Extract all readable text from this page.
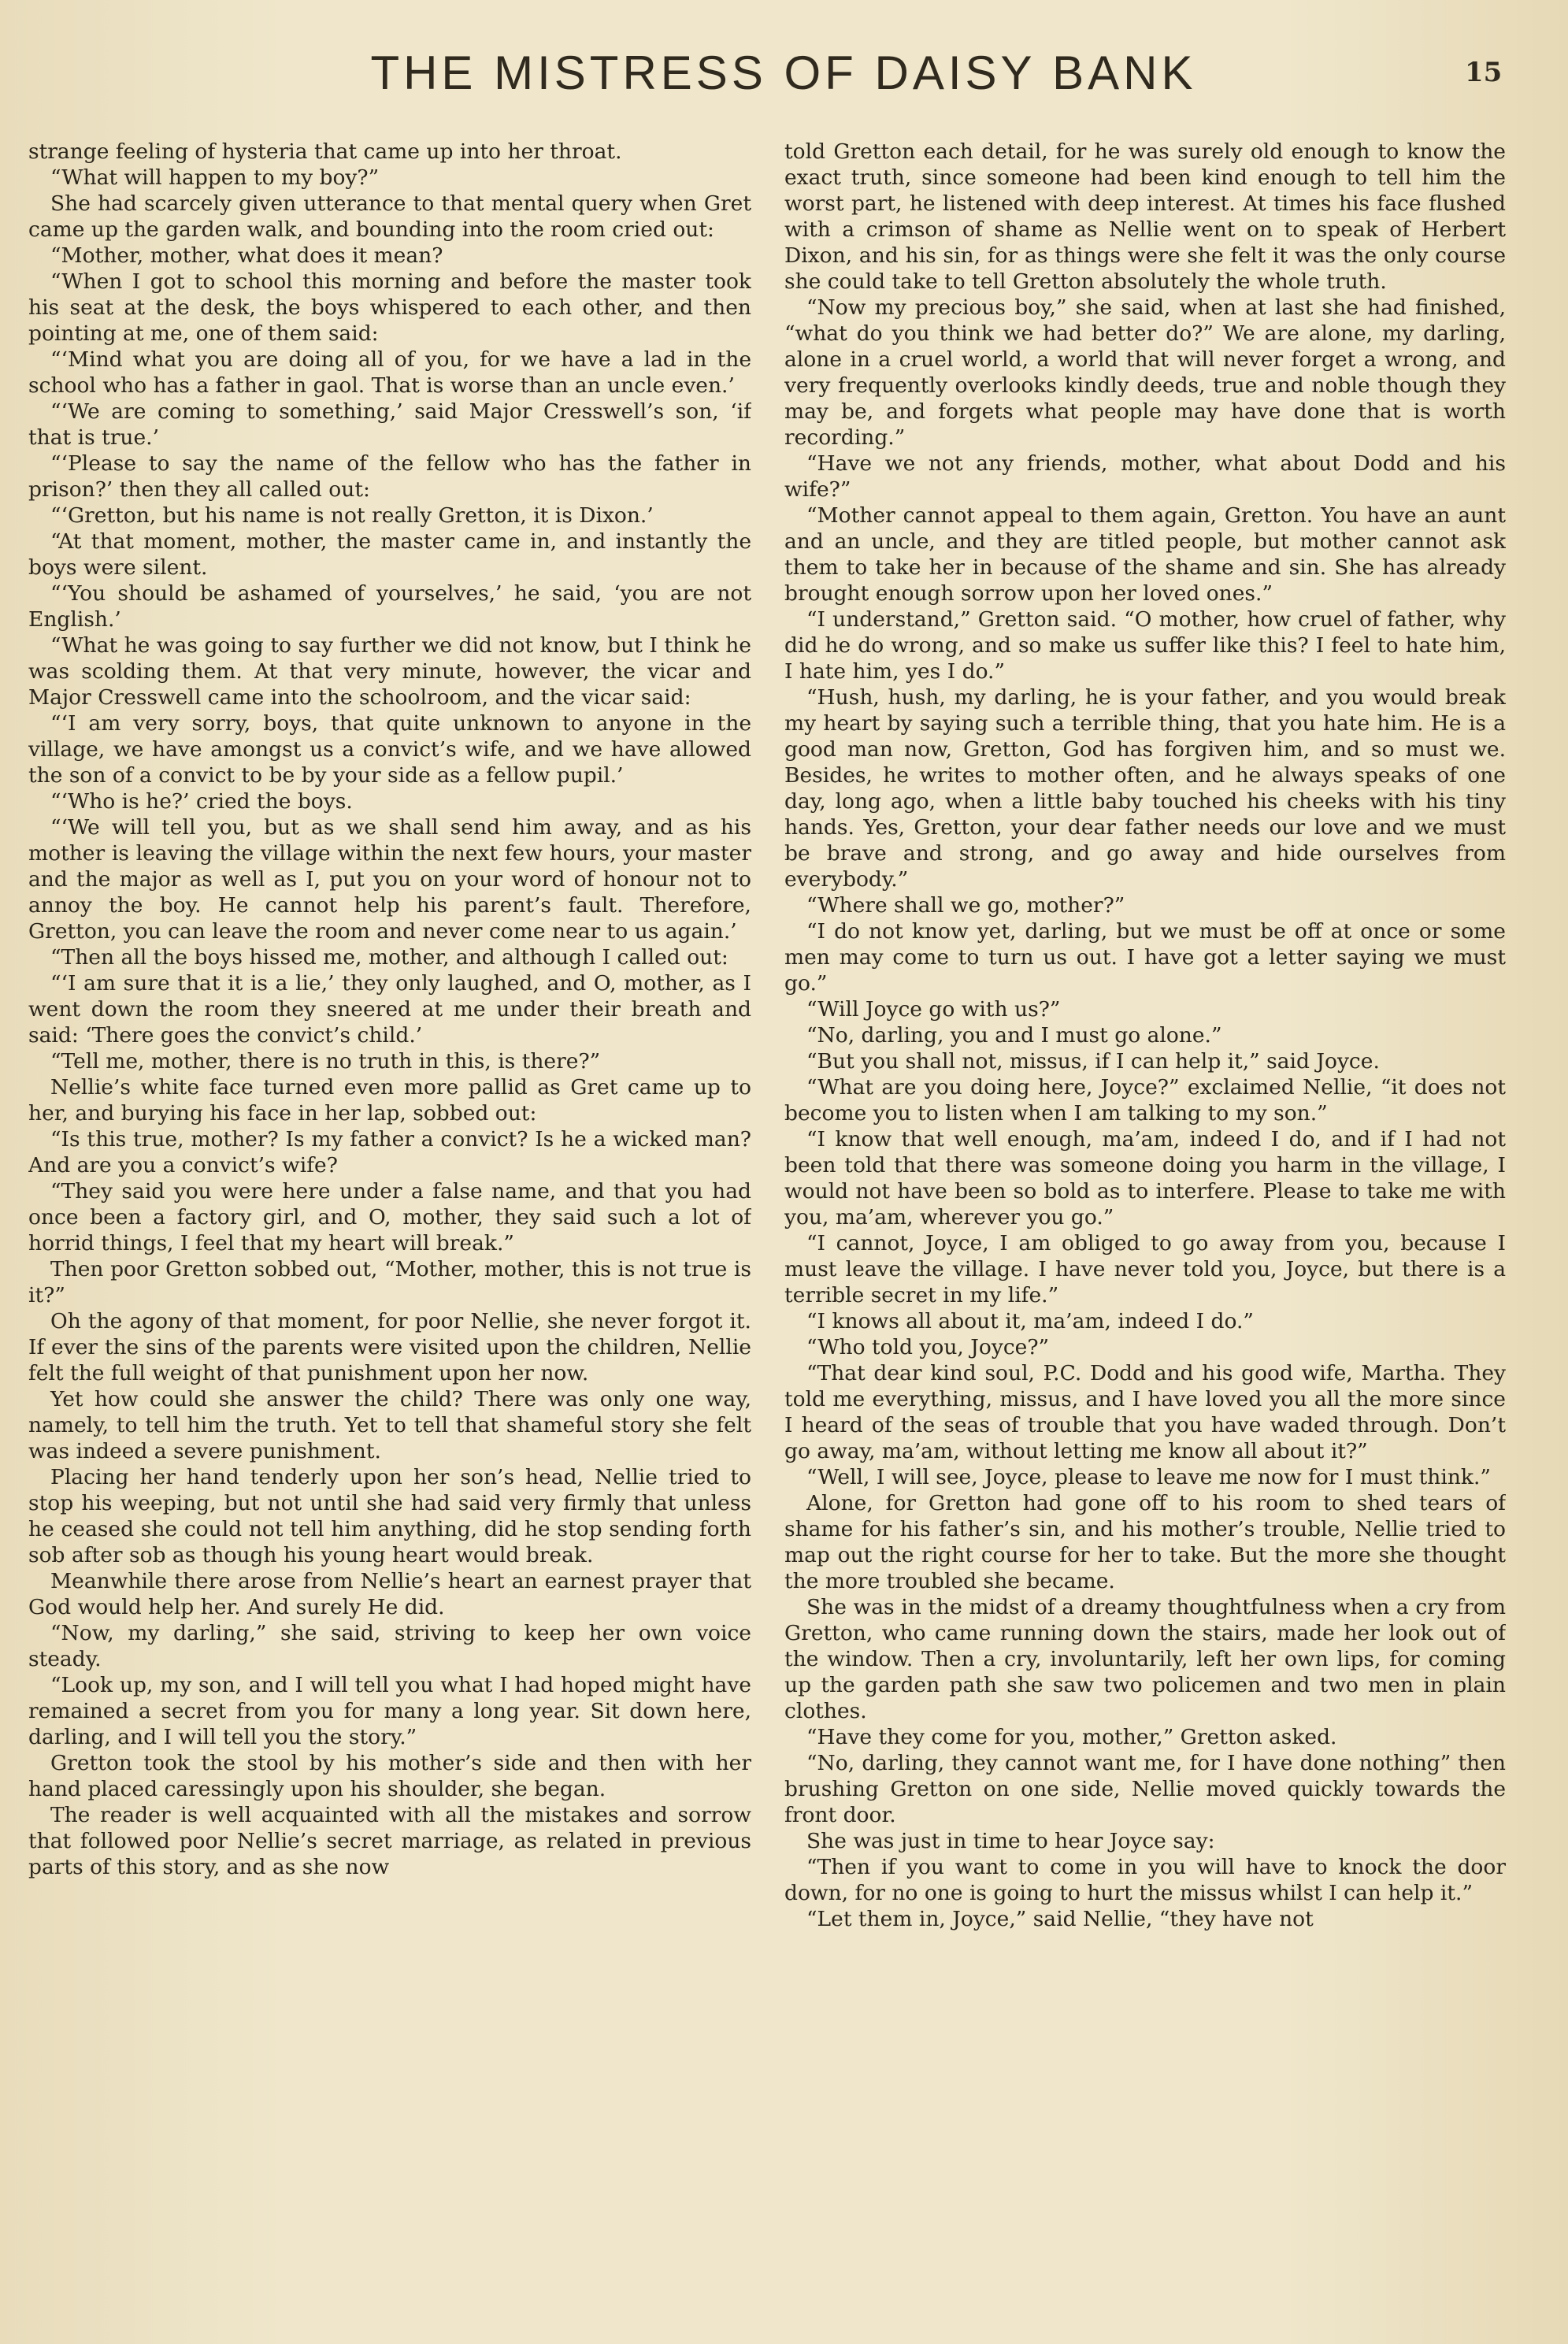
THE MISTRESS OF DAISY BANK	15

strange feeling of hysteria that came up into her throat.

“What will happen to my boy?”

She had scarcely given utterance to that mental query when Gret came up the garden walk, and bounding into the room cried out:

“Mother, mother, what does it mean?

“When I got to school this morning and before the master took his seat at the desk, the boys whispered to each other, and then pointing at me, one of them said:

“‘Mind what you are doing all of you, for we have a lad in the school who has a father in gaol. That is worse than an uncle even.’

“‘We are coming to something,’ said Major Cresswell’s son, ‘if that is true.’

“‘Please to say the name of the fellow who has the father in prison?’ then they all called out:

“‘Gretton, but his name is not really Gretton, it is Dixon.’

“At that moment, mother, the master came in, and instantly the boys were silent.

“‘You should be ashamed of yourselves,’ he said, ‘you are not English.’

“What he was going to say further we did not know, but I think he was scolding them. At that very minute, however, the vicar and Major Cresswell came into the schoolroom, and the vicar said:

“‘I am very sorry, boys, that quite unknown to anyone in the village, we have amongst us a convict’s wife, and we have allowed the son of a convict to be by your side as a fellow pupil.’

“‘Who is he?’ cried the boys.

“‘We will tell you, but as we shall send him away, and as his mother is leaving the village within the next few hours, your master and the major as well as I, put you on your word of honour not to annoy the boy. He cannot help his parent’s fault. Therefore, Gretton, you can leave the room and never come near to us again.’

“Then all the boys hissed me, mother, and although I called out:

“‘I am sure that it is a lie,’ they only laughed, and O, mother, as I went down the room they sneered at me under their breath and said: ‘There goes the convict’s child.’

“Tell me, mother, there is no truth in this, is there?”

Nellie’s white face turned even more pallid as Gret came up to her, and burying his face in her lap, sobbed out:

“Is this true, mother? Is my father a convict? Is he a wicked man? And are you a convict’s wife?

“They said you were here under a false name, and that you had once been a factory girl, and O, mother, they said such a lot of horrid things, I feel that my heart will break.”

Then poor Gretton sobbed out, “Mother, mother, this is not true is it?”

Oh the agony of that moment, for poor Nellie, she never forgot it. If ever the sins of the parents were visited upon the children, Nellie felt the full weight of that punishment upon her now.

Yet how could she answer the child? There was only one way, namely, to tell him the truth. Yet to tell that shameful story she felt was indeed a severe punishment.

Placing her hand tenderly upon her son’s head, Nellie tried to stop his weeping, but not until she had said very firmly that unless he ceased she could not tell him anything, did he stop sending forth sob after sob as though his young heart would break.

Meanwhile there arose from Nellie’s heart an earnest prayer that God would help her. And surely He did.

“Now, my darling,” she said, striving to keep her own voice steady.

“Look up, my son, and I will tell you what I had hoped might have remained a secret from you for many a long year. Sit down here, darling, and I will tell you the story.”

Gretton took the stool by his mother’s side and then with her hand placed caressingly upon his shoulder, she began.

The reader is well acquainted with all the mistakes and sorrow that followed poor Nellie’s secret marriage, as related in previous parts of this story, and as she now

told Gretton each detail, for he was surely old enough to know the exact truth, since someone had been kind enough to tell him the worst part, he listened with deep interest. At times his face flushed with a crimson of shame as Nellie went on to speak of Herbert Dixon, and his sin, for as things were she felt it was the only course she could take to tell Gretton absolutely the whole truth.

“Now my precious boy,” she said, when at last she had finished, “what do you think we had better do?” We are alone, my darling, alone in a cruel world, a world that will never forget a wrong, and very frequently overlooks kindly deeds, true and noble though they may be, and forgets what people may have done that is worth recording.”

“Have we not any friends, mother, what about Dodd and his wife?”

“Mother cannot appeal to them again, Gretton. You have an aunt and an uncle, and they are titled people, but mother cannot ask them to take her in because of the shame and sin. She has already brought enough sorrow upon her loved ones.”

“I understand,” Gretton said. “O mother, how cruel of father, why did he do wrong, and so make us suffer like this? I feel to hate him, I hate him, yes I do.”

“Hush, hush, my darling, he is your father, and you would break my heart by saying such a terrible thing, that you hate him. He is a good man now, Gretton, God has forgiven him, and so must we. Besides, he writes to mother often, and he always speaks of one day, long ago, when a little baby touched his cheeks with his tiny hands. Yes, Gretton, your dear father needs our love and we must be brave and strong, and go away and hide ourselves from everybody.”

“Where shall we go, mother?”

“I do not know yet, darling, but we must be off at once or some men may come to turn us out. I have got a letter saying we must go.”

“Will Joyce go with us?”

“No, darling, you and I must go alone.”

“But you shall not, missus, if I can help it,” said Joyce.

“What are you doing here, Joyce?” exclaimed Nellie, “it does not become you to listen when I am talking to my son.”

“I know that well enough, ma’am, indeed I do, and if I had not been told that there was someone doing you harm in the village, I would not have been so bold as to interfere. Please to take me with you, ma’am, wherever you go.”

“I cannot, Joyce, I am obliged to go away from you, because I must leave the village. I have never told you, Joyce, but there is a terrible secret in my life.”

“I knows all about it, ma’am, indeed I do.”

“Who told you, Joyce?”

“That dear kind soul, P.C. Dodd and his good wife, Martha. They told me everything, missus, and I have loved you all the more since I heard of the seas of trouble that you have waded through. Don’t go away, ma’am, without letting me know all about it?”

“Well, I will see, Joyce, please to leave me now for I must think.”

Alone, for Gretton had gone off to his room to shed tears of shame for his father’s sin, and his mother’s trouble, Nellie tried to map out the right course for her to take. But the more she thought the more troubled she became.

She was in the midst of a dreamy thoughtfulness when a cry from Gretton, who came running down the stairs, made her look out of the window. Then a cry, involuntarily, left her own lips, for coming up the garden path she saw two policemen and two men in plain clothes.

“Have they come for you, mother,” Gretton asked.

“No, darling, they cannot want me, for I have done nothing” then brushing Gretton on one side, Nellie moved quickly towards the front door.

She was just in time to hear Joyce say:

“Then if you want to come in you will have to knock the door down, for no one is going to hurt the missus whilst I can help it.”

“Let them in, Joyce,” said Nellie, “they have not
